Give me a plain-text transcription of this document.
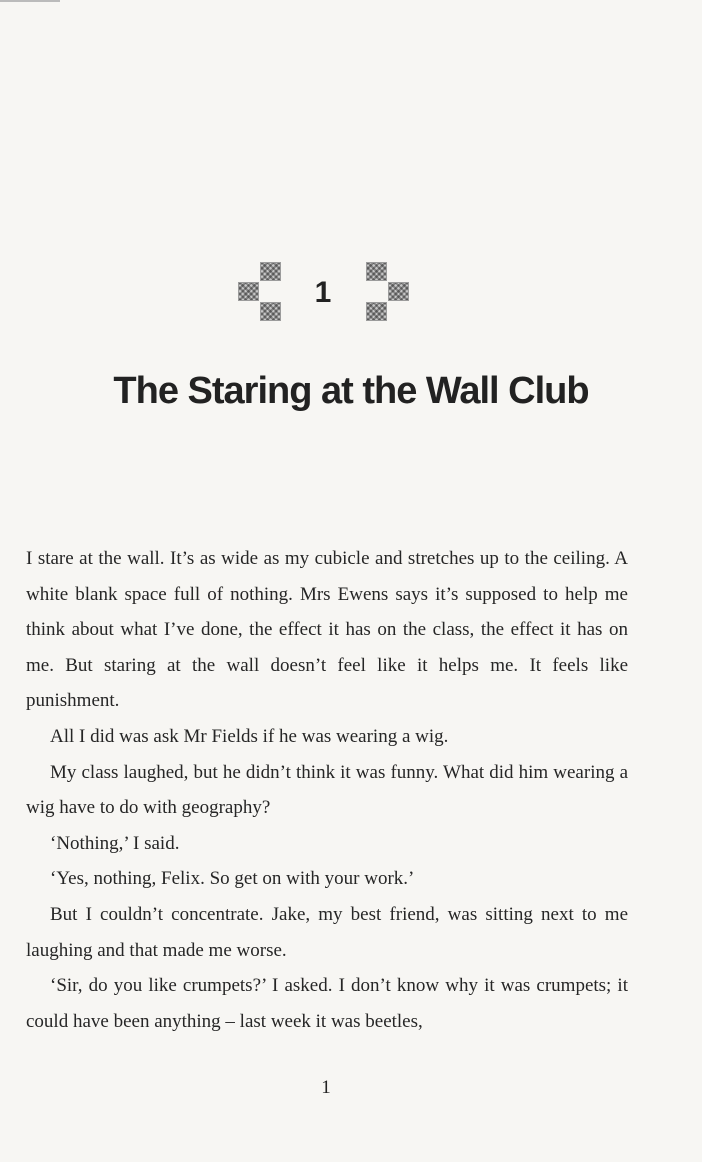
1
The Staring at the Wall Club

I stare at the wall. It’s as wide as my cubicle and stretches up to the ceiling. A white blank space full of nothing. Mrs Ewens says it’s supposed to help me think about what I’ve done, the effect it has on the class, the effect it has on me. But staring at the wall doesn’t feel like it helps me. It feels like punishment.

All I did was ask Mr Fields if he was wearing a wig.

My class laughed, but he didn’t think it was funny. What did him wearing a wig have to do with geography?

‘Nothing,’ I said.

‘Yes, nothing, Felix. So get on with your work.’

But I couldn’t concentrate. Jake, my best friend, was sitting next to me laughing and that made me worse.

‘Sir, do you like crumpets?’ I asked. I don’t know why it was crumpets; it could have been anything – last week it was beetles,

1
